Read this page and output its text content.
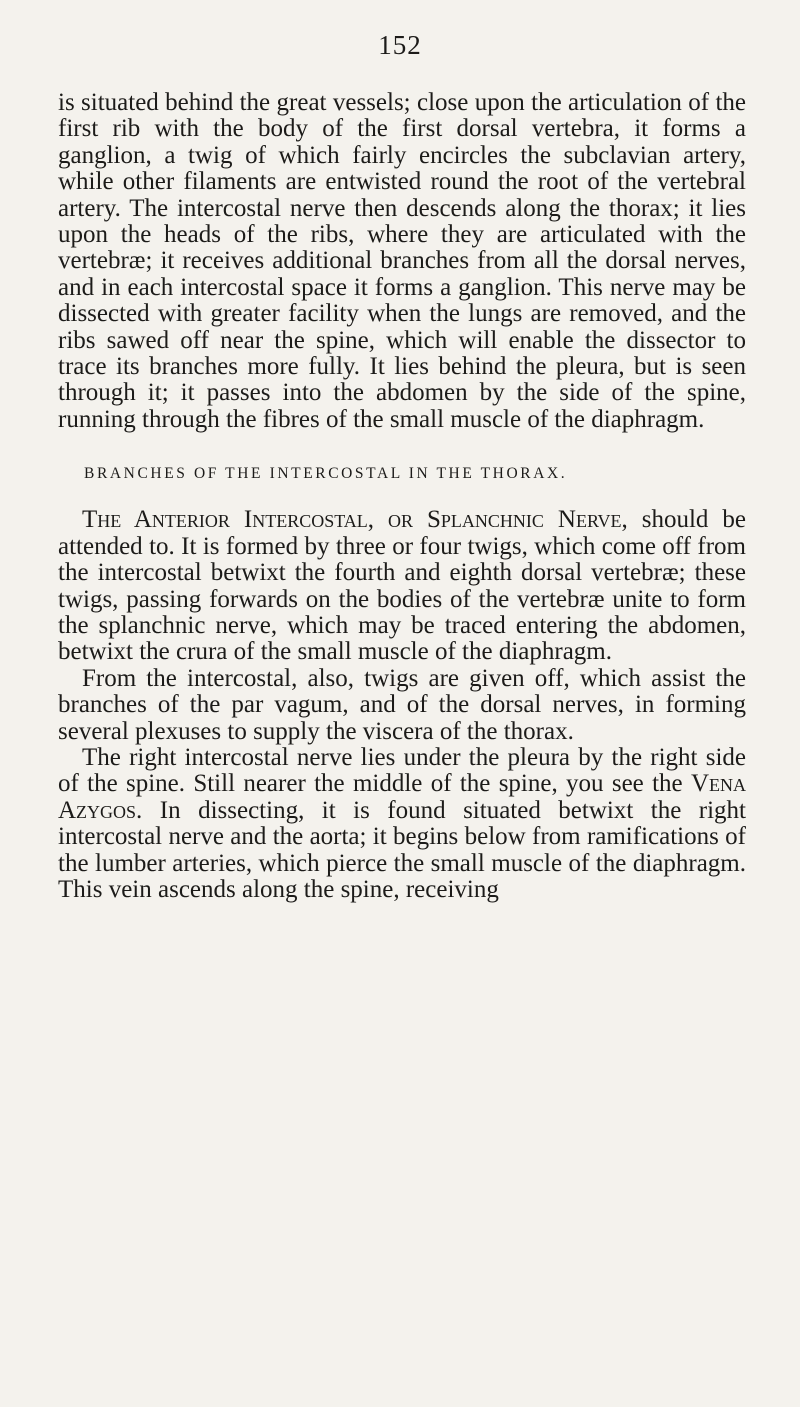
152

is situated behind the great vessels; close upon the articulation of the first rib with the body of the first dorsal vertebra, it forms a ganglion, a twig of which fairly encircles the subclavian artery, while other filaments are entwisted round the root of the vertebral artery. The intercostal nerve then descends along the thorax; it lies upon the heads of the ribs, where they are articulated with the vertebræ; it receives additional branches from all the dorsal nerves, and in each intercostal space it forms a ganglion. This nerve may be dissected with greater facility when the lungs are removed, and the ribs sawed off near the spine, which will enable the dissector to trace its branches more fully. It lies behind the pleura, but is seen through it; it passes into the abdomen by the side of the spine, running through the fibres of the small muscle of the diaphragm.

BRANCHES OF THE INTERCOSTAL IN THE THORAX.

The Anterior Intercostal, or Splanchnic Nerve, should be attended to. It is formed by three or four twigs, which come off from the intercostal betwixt the fourth and eighth dorsal vertebræ; these twigs, passing forwards on the bodies of the vertebræ unite to form the splanchnic nerve, which may be traced entering the abdomen, betwixt the crura of the small muscle of the diaphragm.

From the intercostal, also, twigs are given off, which assist the branches of the par vagum, and of the dorsal nerves, in forming several plexuses to supply the viscera of the thorax.

The right intercostal nerve lies under the pleura by the right side of the spine. Still nearer the middle of the spine, you see the Vena Azygos. In dissecting, it is found situated betwixt the right intercostal nerve and the aorta; it begins below from ramifications of the lumber arteries, which pierce the small muscle of the diaphragm. This vein ascends along the spine, receiving
